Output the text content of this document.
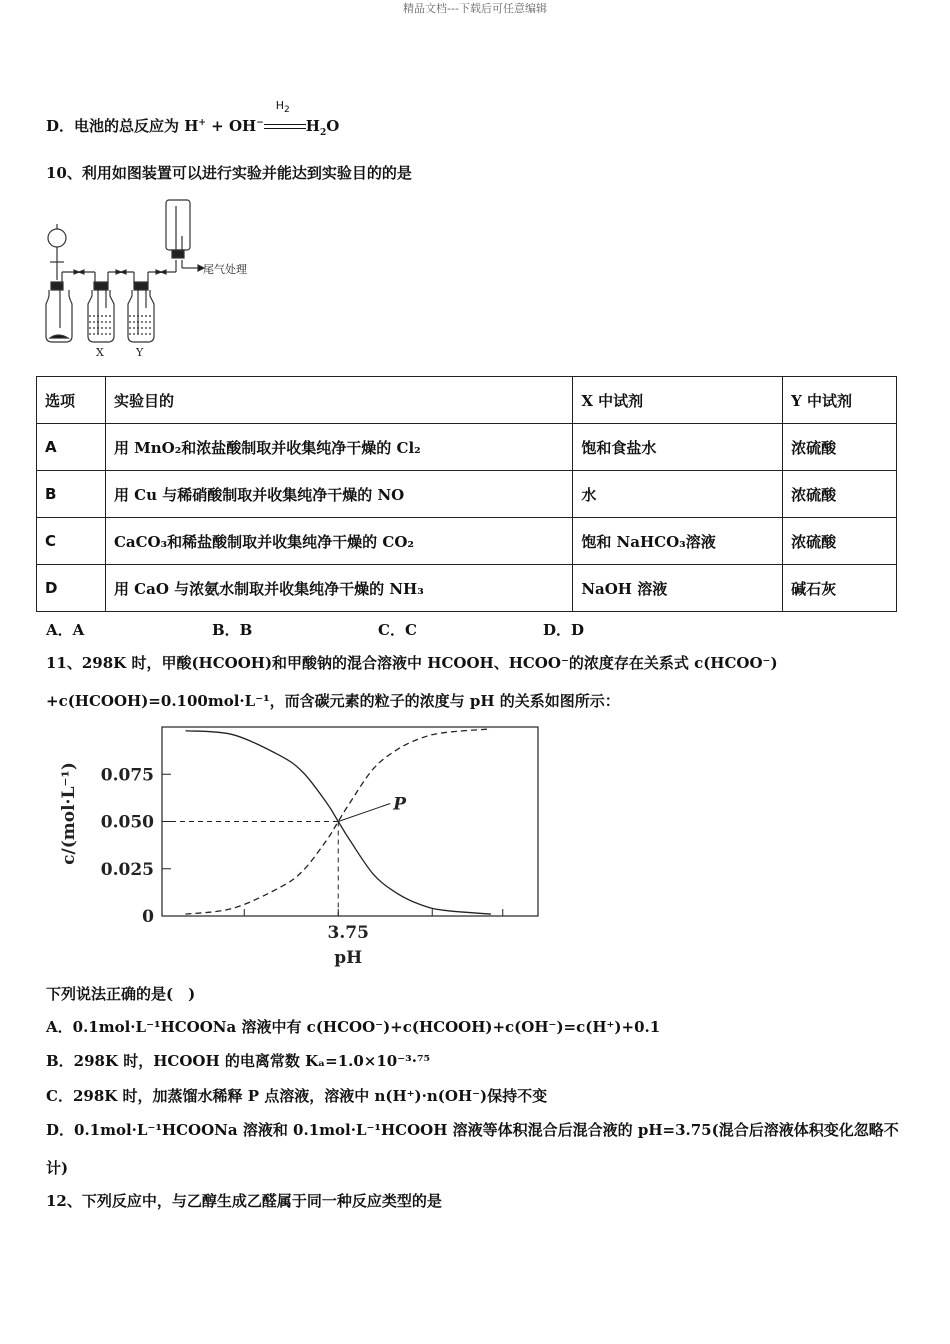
精品文档---下载后可任意编辑
D．电池的总反应为 H+ + OH−
$H_2$
$H_2O$
10、利用如图装置可以进行实验并能达到实验目的的是
尾气处理
X	Y
选项	实验目的	X 中试剂	Y 中试剂
A	用 MnO₂和浓盐酸制取并收集纯净干燥的 Cl₂	饱和食盐水	浓硫酸
B	用 Cu 与稀硝酸制取并收集纯净干燥的 NO	水	浓硫酸
C	CaCO₃和稀盐酸制取并收集纯净干燥的 CO₂	饱和 NaHCO₃溶液	浓硫酸
D	用 CaO 与浓氨水制取并收集纯净干燥的 NH₃	NaOH 溶液	碱石灰
A．A	B．B	C．C	D．D
11、298K 时，甲酸(HCOOH)和甲酸钠的混合溶液中 HCOOH、HCOO⁻的浓度存在关系式 c(HCOO⁻)
+c(HCOOH)=0.100mol·L⁻¹，而含碳元素的粒子的浓度与 pH 的关系如图所示：
0.075
0.050
0.025
0
P
3.75
pH
c/(mol·L⁻¹)
下列说法正确的是(　)
A．0.1mol·L⁻¹HCOONa 溶液中有 c(HCOO⁻)+c(HCOOH)+c(OH⁻)=c(H⁺)+0.1
B．298K 时，HCOOH 的电离常数 Kₐ=1.0×10⁻³·⁷⁵
C．298K 时，加蒸馏水稀释 P 点溶液，溶液中 n(H⁺)·n(OH⁻)保持不变
D．0.1mol·L⁻¹HCOONa 溶液和 0.1mol·L⁻¹HCOOH 溶液等体积混合后混合液的 pH=3.75(混合后溶液体积变化忽略不
计)
12、下列反应中，与乙醇生成乙醛属于同一种反应类型的是
